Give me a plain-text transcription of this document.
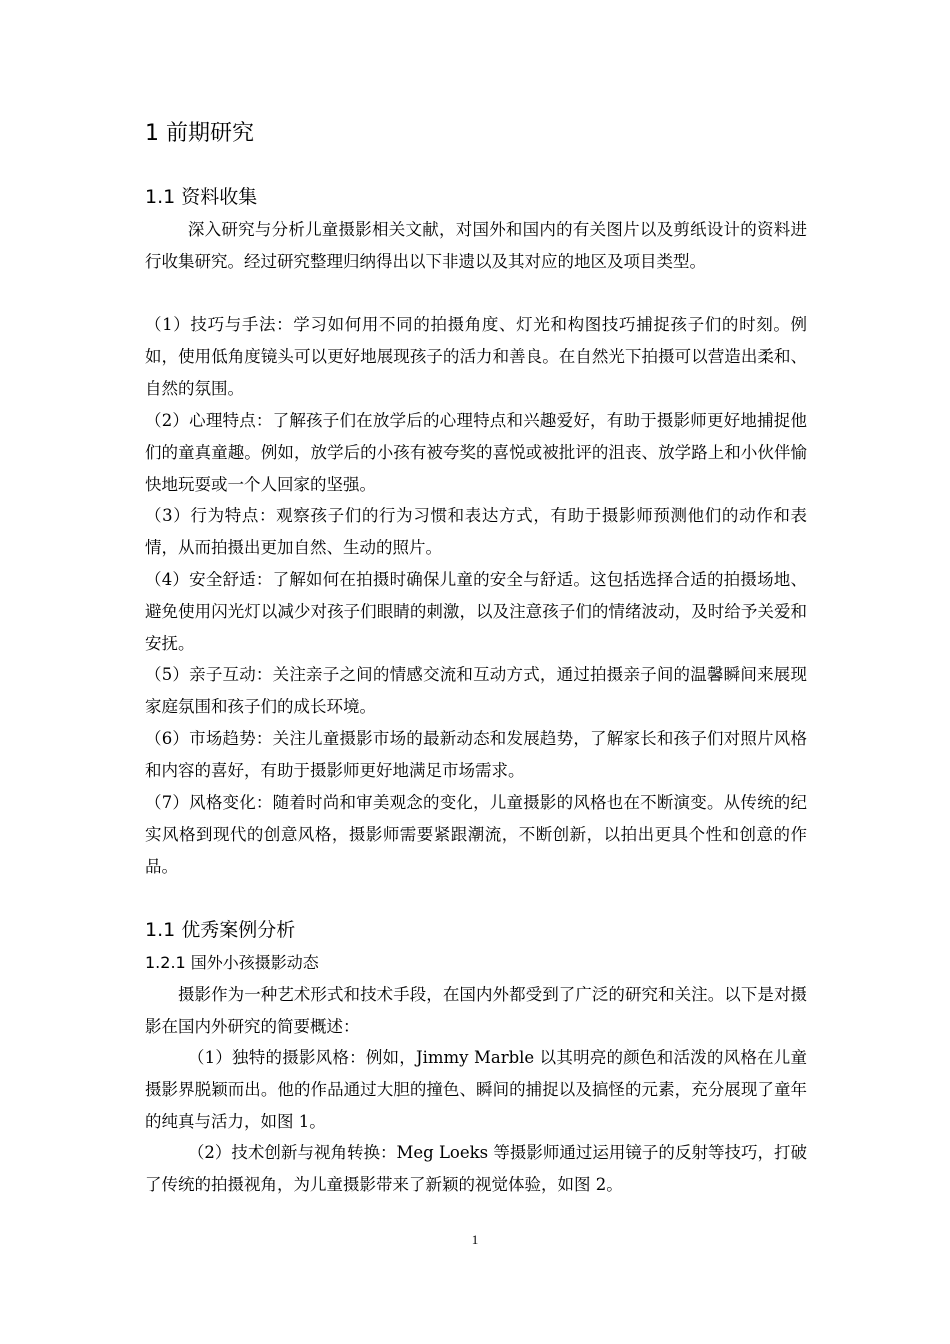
1 前期研究
1.1 资料收集

深入研究与分析儿童摄影相关文献，对国外和国内的有关图片以及剪纸设计的资料进行收集研究。经过研究整理归纳得出以下非遗以及其对应的地区及项目类型。

（1）技巧与手法：学习如何用不同的拍摄角度、灯光和构图技巧捕捉孩子们的时刻。例如，使用低角度镜头可以更好地展现孩子的活力和善良。在自然光下拍摄可以营造出柔和、自然的氛围。

（2）心理特点：了解孩子们在放学后的心理特点和兴趣爱好，有助于摄影师更好地捕捉他们的童真童趣。例如，放学后的小孩有被夸奖的喜悦或被批评的沮丧、放学路上和小伙伴愉快地玩耍或一个人回家的坚强。

（3）行为特点：观察孩子们的行为习惯和表达方式，有助于摄影师预测他们的动作和表情，从而拍摄出更加自然、生动的照片。

（4）安全舒适：了解如何在拍摄时确保儿童的安全与舒适。这包括选择合适的拍摄场地、避免使用闪光灯以减少对孩子们眼睛的刺激，以及注意孩子们的情绪波动，及时给予关爱和安抚。

（5）亲子互动：关注亲子之间的情感交流和互动方式，通过拍摄亲子间的温馨瞬间来展现家庭氛围和孩子们的成长环境。

（6）市场趋势：关注儿童摄影市场的最新动态和发展趋势，了解家长和孩子们对照片风格和内容的喜好，有助于摄影师更好地满足市场需求。

（7）风格变化：随着时尚和审美观念的变化，儿童摄影的风格也在不断演变。从传统的纪实风格到现代的创意风格，摄影师需要紧跟潮流，不断创新，以拍出更具个性和创意的作品。

1.1 优秀案例分析
1.2.1 国外小孩摄影动态

摄影作为一种艺术形式和技术手段，在国内外都受到了广泛的研究和关注。以下是对摄影在国内外研究的简要概述：

（1）独特的摄影风格：例如，Jimmy Marble 以其明亮的颜色和活泼的风格在儿童摄影界脱颖而出。他的作品通过大胆的撞色、瞬间的捕捉以及搞怪的元素，充分展现了童年的纯真与活力，如图 1。

（2）技术创新与视角转换：Meg Loeks 等摄影师通过运用镜子的反射等技巧，打破了传统的拍摄视角，为儿童摄影带来了新颖的视觉体验，如图 2。

1
